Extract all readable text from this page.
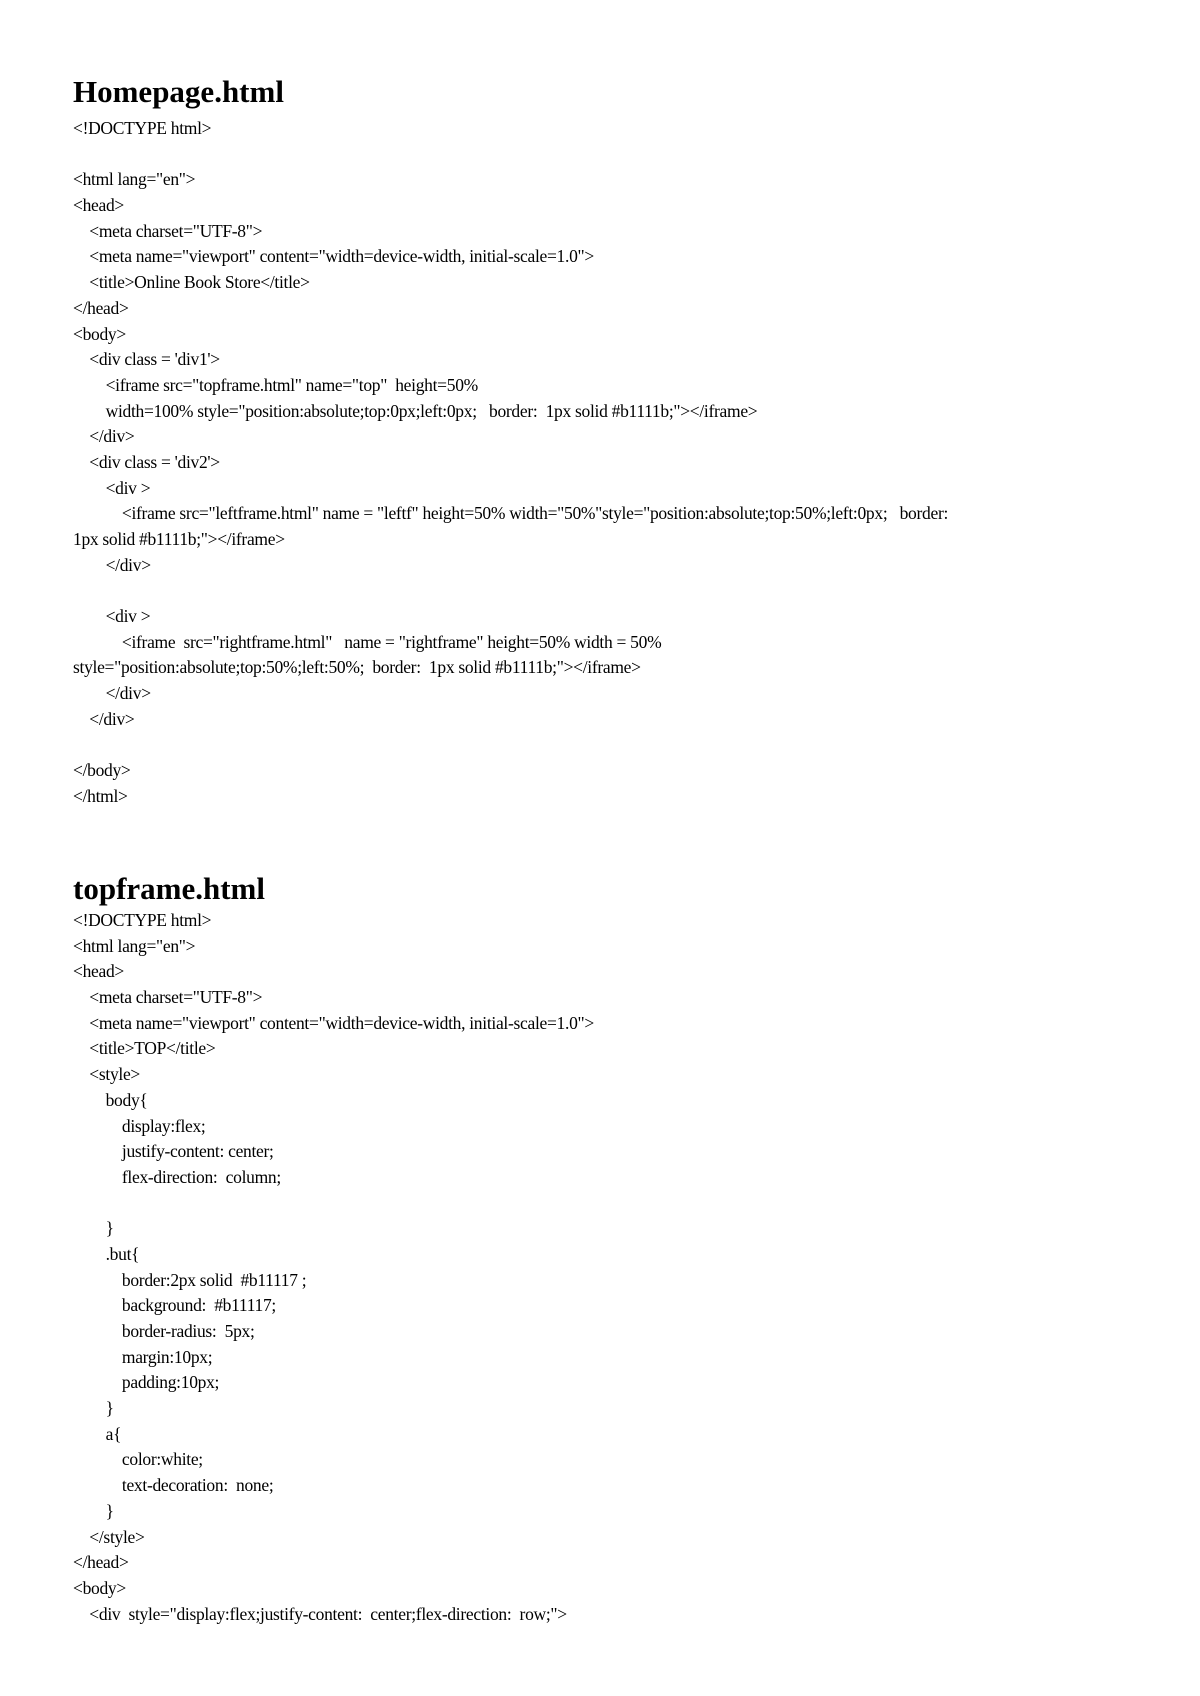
Homepage.html
<!DOCTYPE html>
<html lang="en">
<head>
<meta charset="UTF-8">
<meta name="viewport" content="width=device-width, initial-scale=1.0">
<title>Online Book Store</title>
</head>
<body>
<div class = 'div1'>
<iframe src="topframe.html" name="top"  height=50%
width=100% style="position:absolute;top:0px;left:0px;   border:  1px solid #b1111b;"></iframe>
</div>
<div class = 'div2'>
<div >
<iframe src="leftframe.html" name = "leftf" height=50% width="50%"style="position:absolute;top:50%;left:0px;   border:
1px solid #b1111b;"></iframe>
</div>
<div >
<iframe  src="rightframe.html"   name = "rightframe" height=50% width = 50%
style="position:absolute;top:50%;left:50%;  border:  1px solid #b1111b;"></iframe>
</div>
</div>
</body>
</html>
topframe.html
<!DOCTYPE html>
<html lang="en">
<head>
<meta charset="UTF-8">
<meta name="viewport" content="width=device-width, initial-scale=1.0">
<title>TOP</title>
<style>
body{
display:flex;
justify-content: center;
flex-direction:  column;
}
.but{
border:2px solid  #b11117 ;
background:  #b11117;
border-radius:  5px;
margin:10px;
padding:10px;
}
a{
color:white;
text-decoration:  none;
}
</style>
</head>
<body>
<div  style="display:flex;justify-content:  center;flex-direction:  row;">
